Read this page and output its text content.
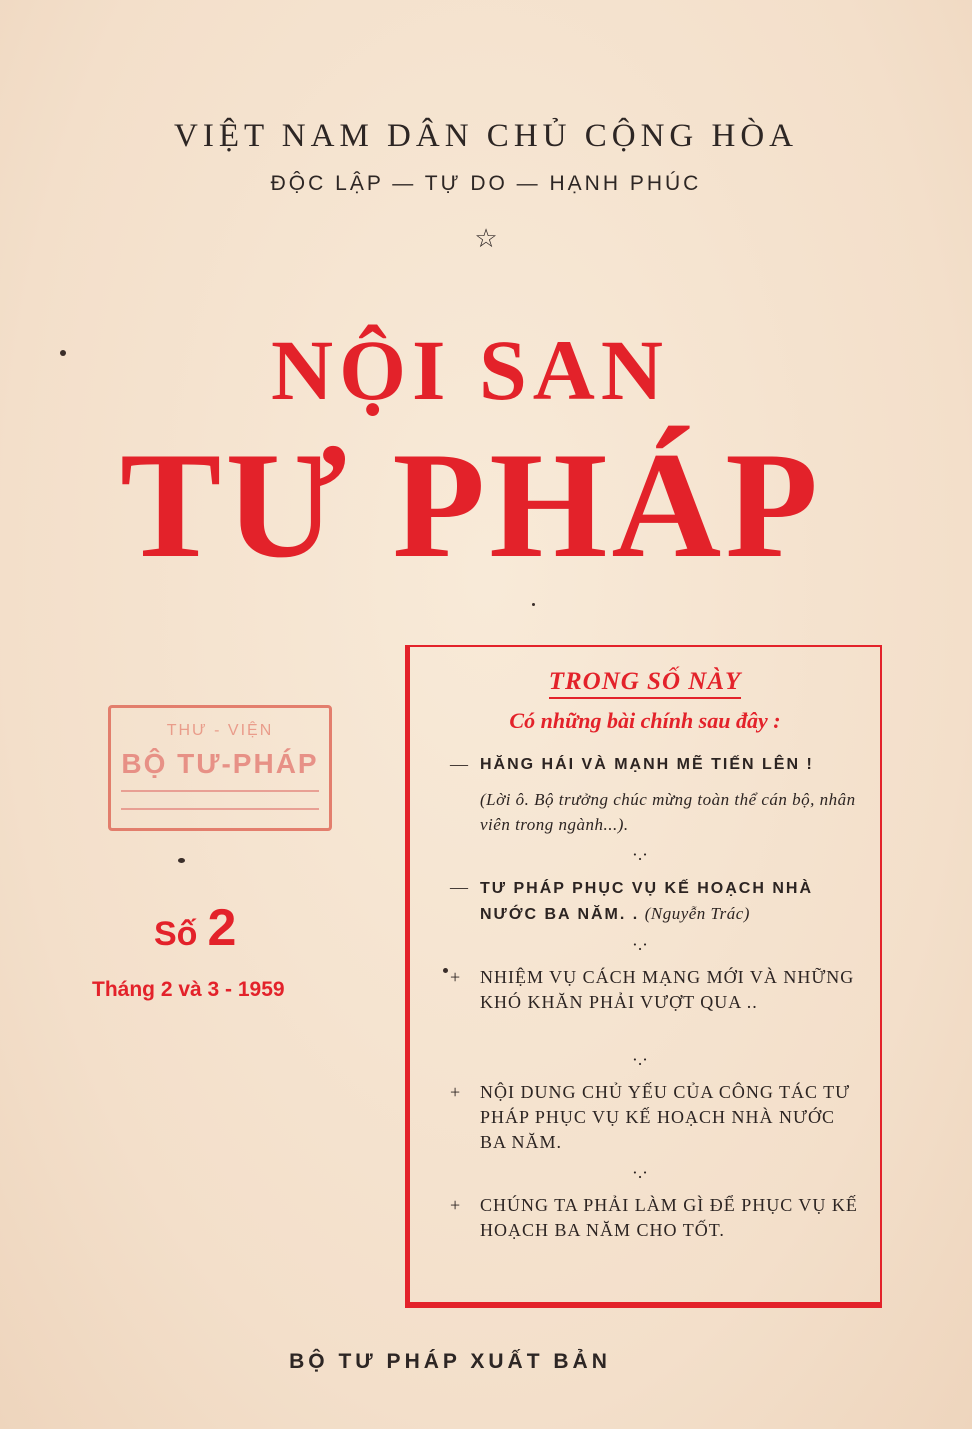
VIỆT NAM DÂN CHỦ CỘNG HÒA
ĐỘC LẬP — TỰ DO — HẠNH PHÚC
☆
NỘI SAN
TƯ PHÁP
THƯ - VIỆN
BỘ TƯ-PHÁP
Số 2
Tháng 2 và 3 - 1959
TRONG SỐ NÀY
Có những bài chính sau đây :
— HĂNG HÁI VÀ MẠNH MẼ TIẾN LÊN !
(Lời ô. Bộ trưởng chúc mừng toàn thể cán bộ, nhân viên trong ngành...).
·.·
— TƯ PHÁP PHỤC VỤ KẾ HOẠCH NHÀ NƯỚC BA NĂM. . (Nguyễn Trác)
·.·
+	NHIỆM VỤ CÁCH MẠNG MỚI VÀ NHỮNG KHÓ KHĂN PHẢI VƯỢT QUA ..
·.·
+	NỘI DUNG CHỦ YẾU CỦA CÔNG TÁC TƯ PHÁP PHỤC VỤ KẾ HOẠCH NHÀ NƯỚC BA NĂM.
·.·
+	CHÚNG TA PHẢI LÀM GÌ ĐỂ PHỤC VỤ KẾ HOẠCH BA NĂM CHO TỐT.
BỘ TƯ PHÁP XUẤT BẢN
